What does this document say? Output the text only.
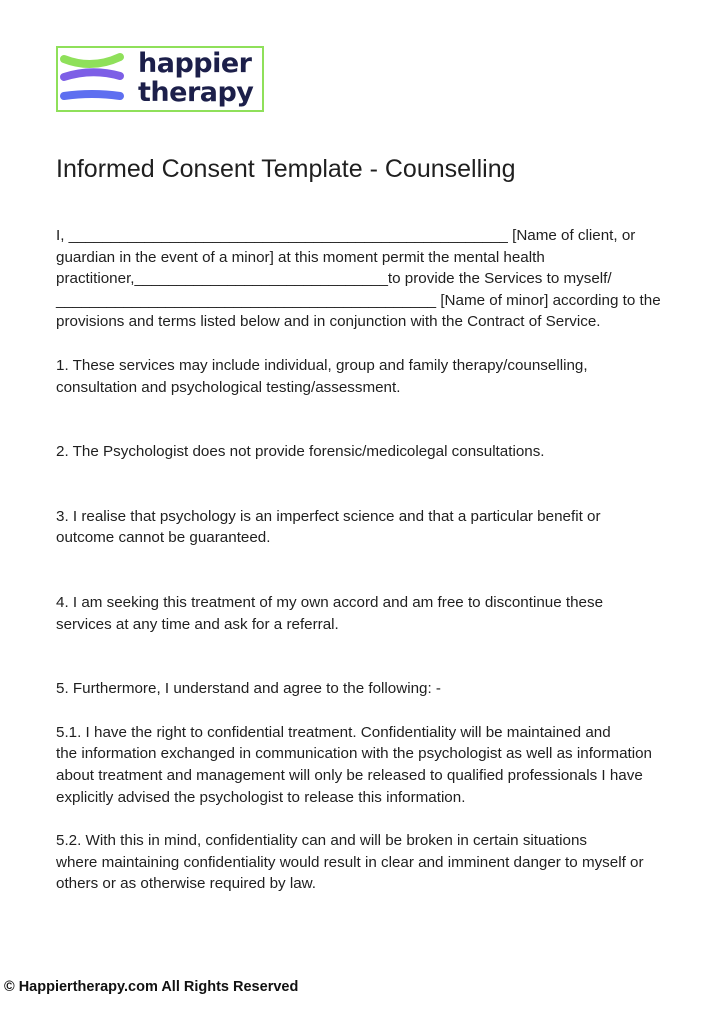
happier
therapy
Informed Consent Template - Counselling

I, ____________________________________________________ [Name of client, or

guardian in the event of a minor] at this moment permit the mental health

practitioner,______________________________to provide the Services to myself/

_____________________________________________ [Name of minor] according to the

provisions and terms listed below and in conjunction with the Contract of Service.

1. These services may include individual, group and family therapy/counselling,

consultation and psychological testing/assessment.

2. The Psychologist does not provide forensic/medicolegal consultations.

3. I realise that psychology is an imperfect science and that a particular benefit or

outcome cannot be guaranteed.

4. I am seeking this treatment of my own accord and am free to discontinue these

services at any time and ask for a referral.

5. Furthermore, I understand and agree to the following: -

5.1. I have the right to confidential treatment. Confidentiality will be maintained and

the information exchanged in communication with the psychologist as well as information

about treatment and management will only be released to qualified professionals I have

explicitly advised the psychologist to release this information.

5.2. With this in mind, confidentiality can and will be broken in certain situations

where maintaining confidentiality would result in clear and imminent danger to myself or

others or as otherwise required by law.

© Happiertherapy.com All Rights Reserved
